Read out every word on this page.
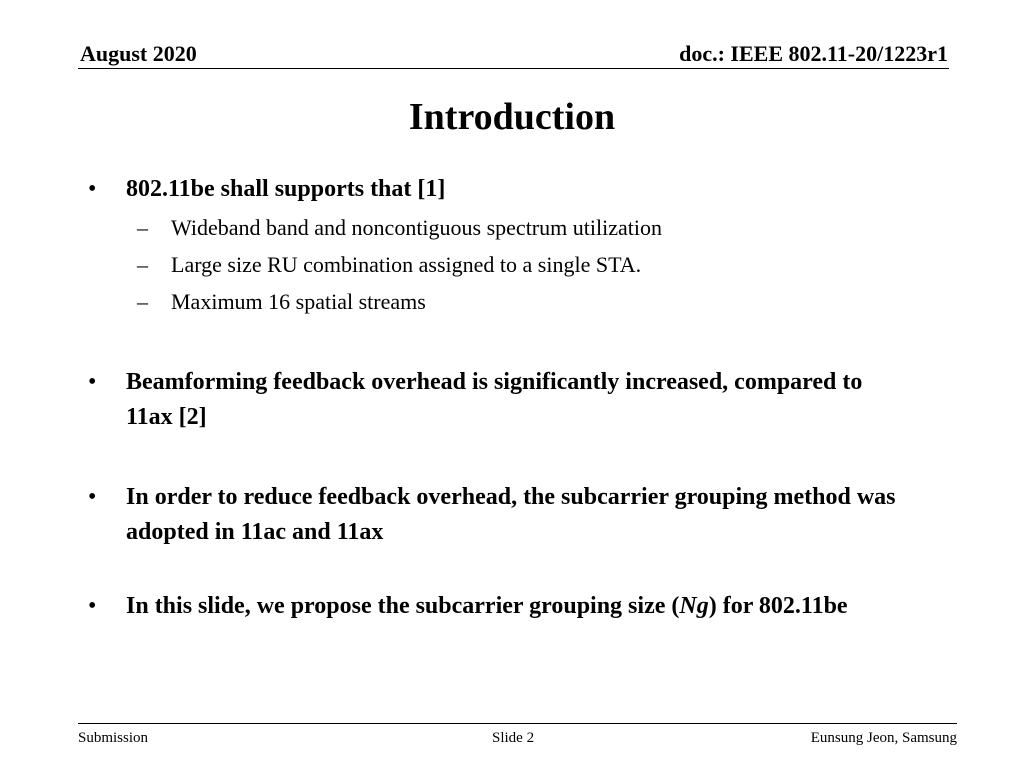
August 2020	doc.: IEEE 802.11-20/1223r1
Introduction
• 802.11be shall supports that [1]
– Wideband band and noncontiguous spectrum utilization
– Large size RU combination assigned to a single STA.
– Maximum 16 spatial streams
• Beamforming feedback overhead is significantly increased, compared to 11ax [2]
• In order to reduce feedback overhead, the subcarrier grouping method was adopted in 11ac and 11ax
• In this slide, we propose the subcarrier grouping size (Ng) for 802.11be
Submission	Slide 2	Eunsung Jeon, Samsung
